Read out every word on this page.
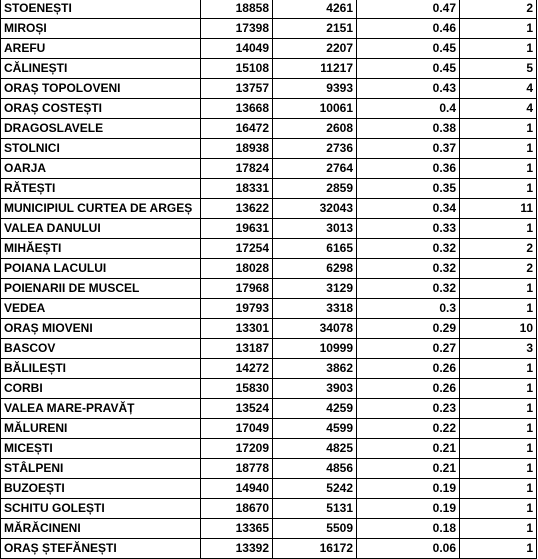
STOENEȘTI	18858	4261	0.47	2
MIROȘI	17398	2151	0.46	1
AREFU	14049	2207	0.45	1
CĂLINEȘTI	15108	11217	0.45	5
ORAȘ TOPOLOVENI	13757	9393	0.43	4
ORAȘ COSTEȘTI	13668	10061	0.4	4
DRAGOSLAVELE	16472	2608	0.38	1
STOLNICI	18938	2736	0.37	1
OARJA	17824	2764	0.36	1
RĂTEȘTI	18331	2859	0.35	1
MUNICIPIUL CURTEA DE ARGEȘ	13622	32043	0.34	11
VALEA DANULUI	19631	3013	0.33	1
MIHĂEȘTI	17254	6165	0.32	2
POIANA LACULUI	18028	6298	0.32	2
POIENARII DE MUSCEL	17968	3129	0.32	1
VEDEA	19793	3318	0.3	1
ORAȘ MIOVENI	13301	34078	0.29	10
BASCOV	13187	10999	0.27	3
BĂLILEȘTI	14272	3862	0.26	1
CORBI	15830	3903	0.26	1
VALEA MARE-PRAVĂȚ	13524	4259	0.23	1
MĂLURENI	17049	4599	0.22	1
MICEȘTI	17209	4825	0.21	1
STÂLPENI	18778	4856	0.21	1
BUZOEȘTI	14940	5242	0.19	1
SCHITU GOLEȘTI	18670	5131	0.19	1
MĂRĂCINENI	13365	5509	0.18	1
ORAȘ ȘTEFĂNEȘTI	13392	16172	0.06	1
